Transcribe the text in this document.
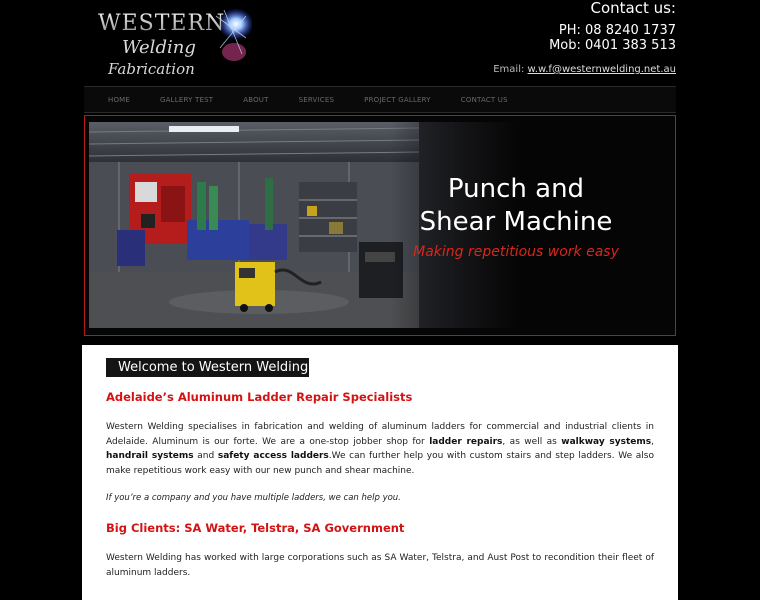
WESTERN
Welding
Fabrication
Contact us:
PH: 08 8240 1737
Mob: 0401 383 513
Email: w.w.f@westernwelding.net.au
HOME	GALLERY TEST	ABOUT	SERVICES	PROJECT GALLERY	CONTACT US
Punch and
Shear Machine
Making repetitious work easy
Welcome to Western Welding
Adelaide’s Aluminum Ladder Repair Specialists
Western Welding specialises in fabrication and welding of aluminum ladders for commercial and industrial clients in Adelaide. Aluminum is our forte. We are a one-stop jobber shop for ladder repairs, as well as walkway systems, handrail systems and safety access ladders.We can further help you with custom stairs and step ladders. We also make repetitious work easy with our new punch and shear machine.
If you’re a company and you have multiple ladders, we can help you.
Big Clients: SA Water, Telstra, SA Government
Western Welding has worked with large corporations such as SA Water, Telstra, and Aust Post to recondition their fleet of aluminum ladders.
